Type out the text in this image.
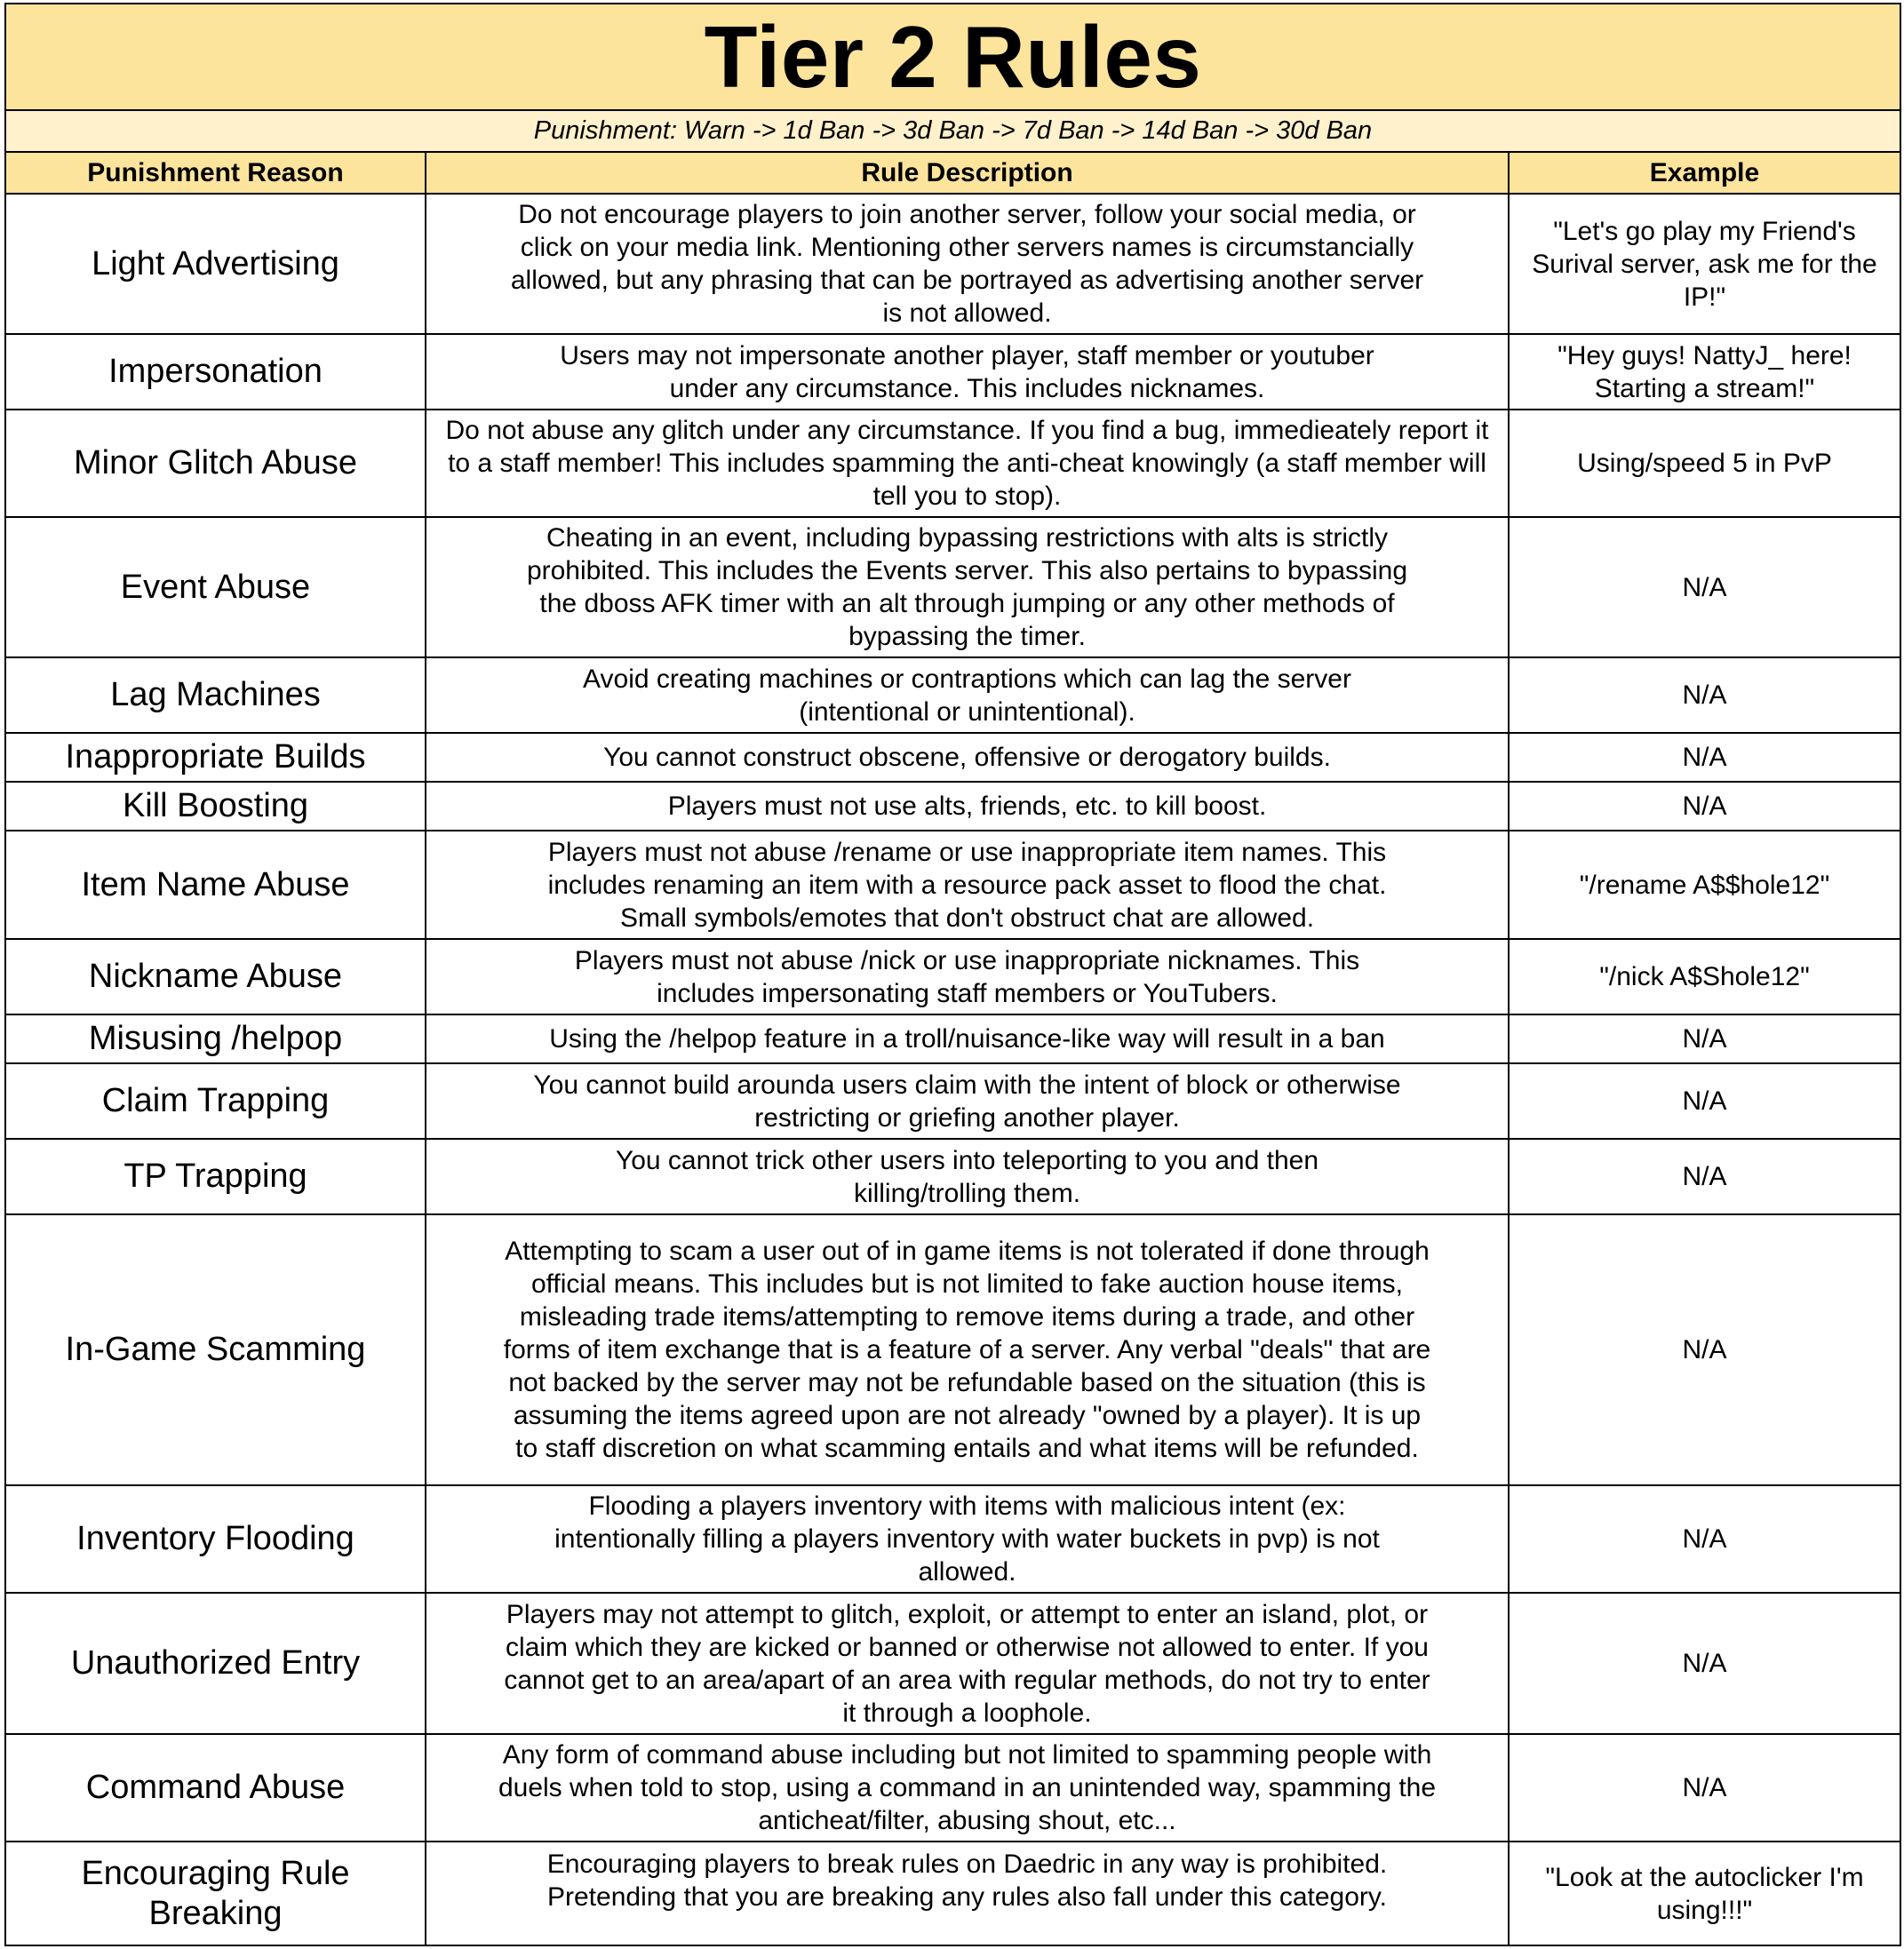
Tier 2 Rules
Punishment: Warn -> 1d Ban -> 3d Ban -> 7d Ban -> 14d Ban -> 30d Ban
Punishment Reason	Rule Description	Example
Light Advertising	Do not encourage players to join another server, follow your social media, or click on your media link. Mentioning other servers names is circumstancially allowed, but any phrasing that can be portrayed as advertising another server is not allowed.	"Let's go play my Friend's Surival server, ask me for the IP!"
Impersonation	Users may not impersonate another player, staff member or youtuber under any circumstance. This includes nicknames.	"Hey guys! NattyJ_ here! Starting a stream!"
Minor Glitch Abuse	Do not abuse any glitch under any circumstance. If you find a bug, immedieately report it to a staff member! This includes spamming the anti-cheat knowingly (a staff member will tell you to stop).	Using/speed 5 in PvP
Event Abuse	Cheating in an event, including bypassing restrictions with alts is strictly prohibited. This includes the Events server. This also pertains to bypassing the dboss AFK timer with an alt through jumping or any other methods of bypassing the timer.	N/A
Lag Machines	Avoid creating machines or contraptions which can lag the server (intentional or unintentional).	N/A
Inappropriate Builds	You cannot construct obscene, offensive or derogatory builds.	N/A
Kill Boosting	Players must not use alts, friends, etc. to kill boost.	N/A
Item Name Abuse	Players must not abuse /rename or use inappropriate item names. This includes renaming an item with a resource pack asset to flood the chat. Small symbols/emotes that don't obstruct chat are allowed.	"/rename A$$hole12"
Nickname Abuse	Players must not abuse /nick or use inappropriate nicknames. This includes impersonating staff members or YouTubers.	"/nick A$Shole12"
Misusing /helpop	Using the /helpop feature in a troll/nuisance-like way will result in a ban	N/A
Claim Trapping	You cannot build arounda users claim with the intent of block or otherwise restricting or griefing another player.	N/A
TP Trapping	You cannot trick other users into teleporting to you and then killing/trolling them.	N/A
In-Game Scamming	Attempting to scam a user out of in game items is not tolerated if done through official means. This includes but is not limited to fake auction house items, misleading trade items/attempting to remove items during a trade, and other forms of item exchange that is a feature of a server. Any verbal "deals" that are not backed by the server may not be refundable based on the situation (this is assuming the items agreed upon are not already "owned by a player). It is up to staff discretion on what scamming entails and what items will be refunded.	N/A
Inventory Flooding	Flooding a players inventory with items with malicious intent (ex: intentionally filling a players inventory with water buckets in pvp) is not allowed.	N/A
Unauthorized Entry	Players may not attempt to glitch, exploit, or attempt to enter an island, plot, or claim which they are kicked or banned or otherwise not allowed to enter. If you cannot get to an area/apart of an area with regular methods, do not try to enter it through a loophole.	N/A
Command Abuse	Any form of command abuse including but not limited to spamming people with duels when told to stop, using a command in an unintended way, spamming the anticheat/filter, abusing shout, etc...	N/A
Encouraging Rule Breaking	Encouraging players to break rules on Daedric in any way is prohibited. Pretending that you are breaking any rules also fall under this category.	"Look at the autoclicker I'm using!!!"
